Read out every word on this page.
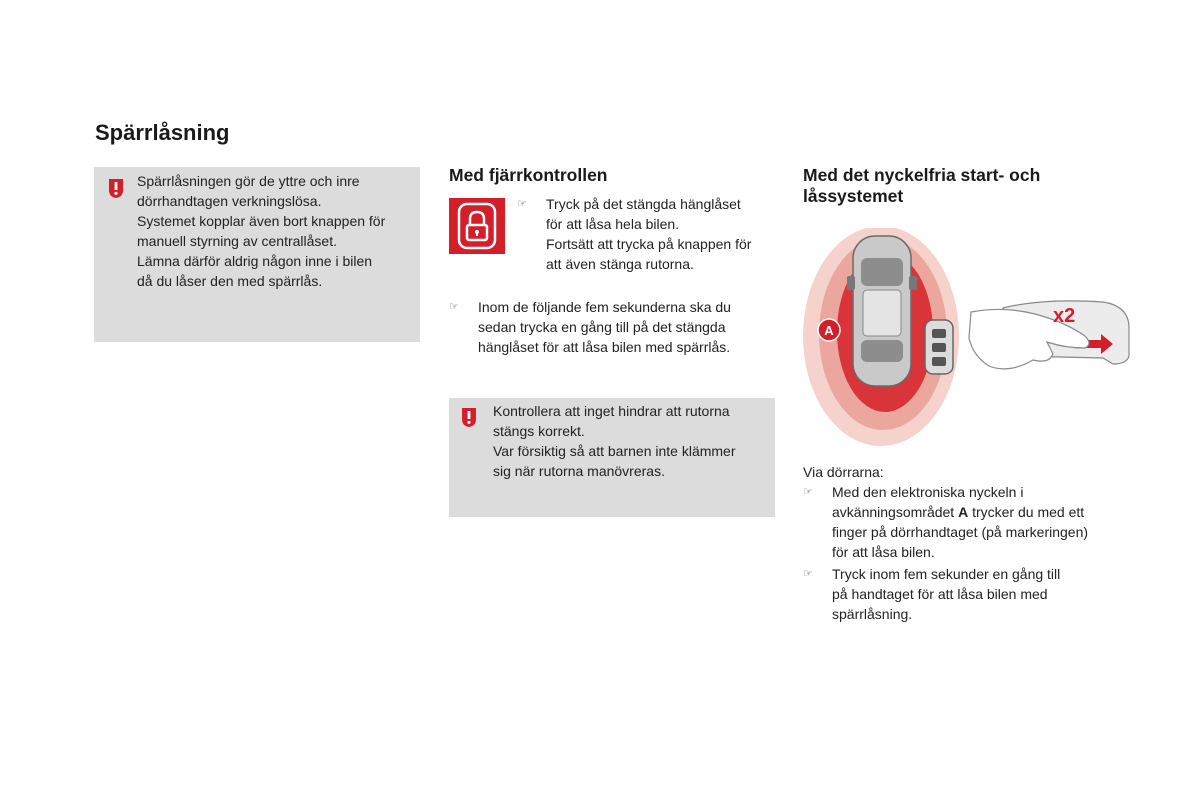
Spärrlåsning

Spärrlåsningen gör de yttre och inre

dörrhandtagen verkningslösa.

Systemet kopplar även bort knappen för

manuell styrning av centrallåset.

Lämna därför aldrig någon inne i bilen

då du låser den med spärrlås.

Med fjärrkontrollen
☞ Tryck på det stängda hänglåset

för att låsa hela bilen.

Fortsätt att trycka på knappen för

att även stänga rutorna.

☞ Inom de följande fem sekunderna ska du

sedan trycka en gång till på det stängda

hänglåset för att låsa bilen med spärrlås.

Kontrollera att inget hindrar att rutorna

stängs korrekt.

Var försiktig så att barnen inte klämmer

sig när rutorna manövreras.

Med det nyckelfria start- och
låssystemet
A
x2
Via dörrarna:
☞ Med den elektroniska nyckeln i

avkänningsområdet A trycker du med ett

finger på dörrhandtaget (på markeringen)

för att låsa bilen.

☞ Tryck inom fem sekunder en gång till

på handtaget för att låsa bilen med

spärrlåsning.
